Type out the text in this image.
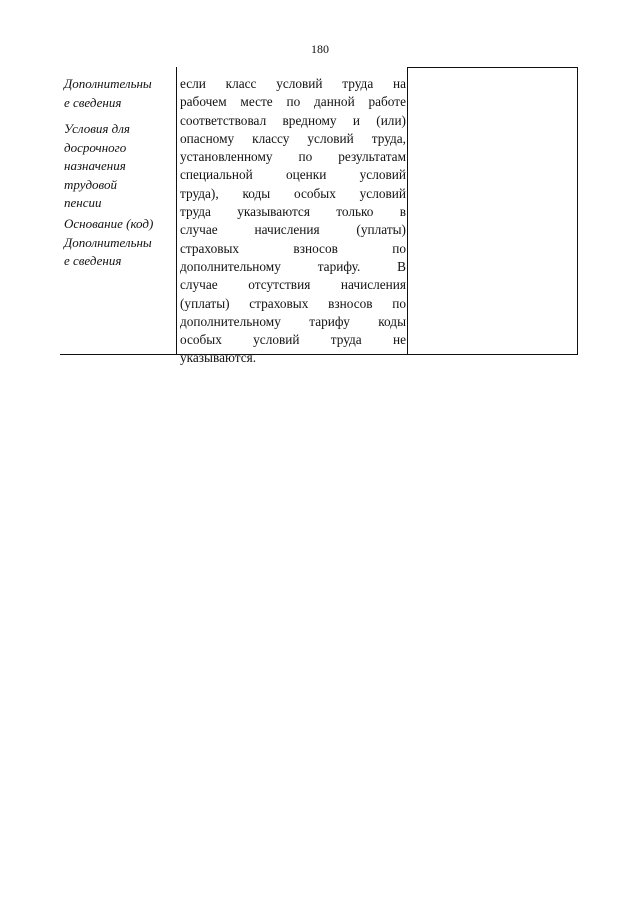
180
Дополнительны
е сведения
Условия для
досрочного
назначения
трудовой
пенсии
Основание (код)
Дополнительны
е сведения
если класс условий труда на
рабочем месте по данной работе
соответствовал вредному и (или)
опасному классу условий труда,
установленному по результатам
специальной оценки условий
труда), коды особых условий
труда указываются только в
случае начисления (уплаты)
страховых взносов по
дополнительному тарифу. В
случае отсутствия начисления
(уплаты) страховых взносов по
дополнительному тарифу коды
особых условий труда не
указываются.
